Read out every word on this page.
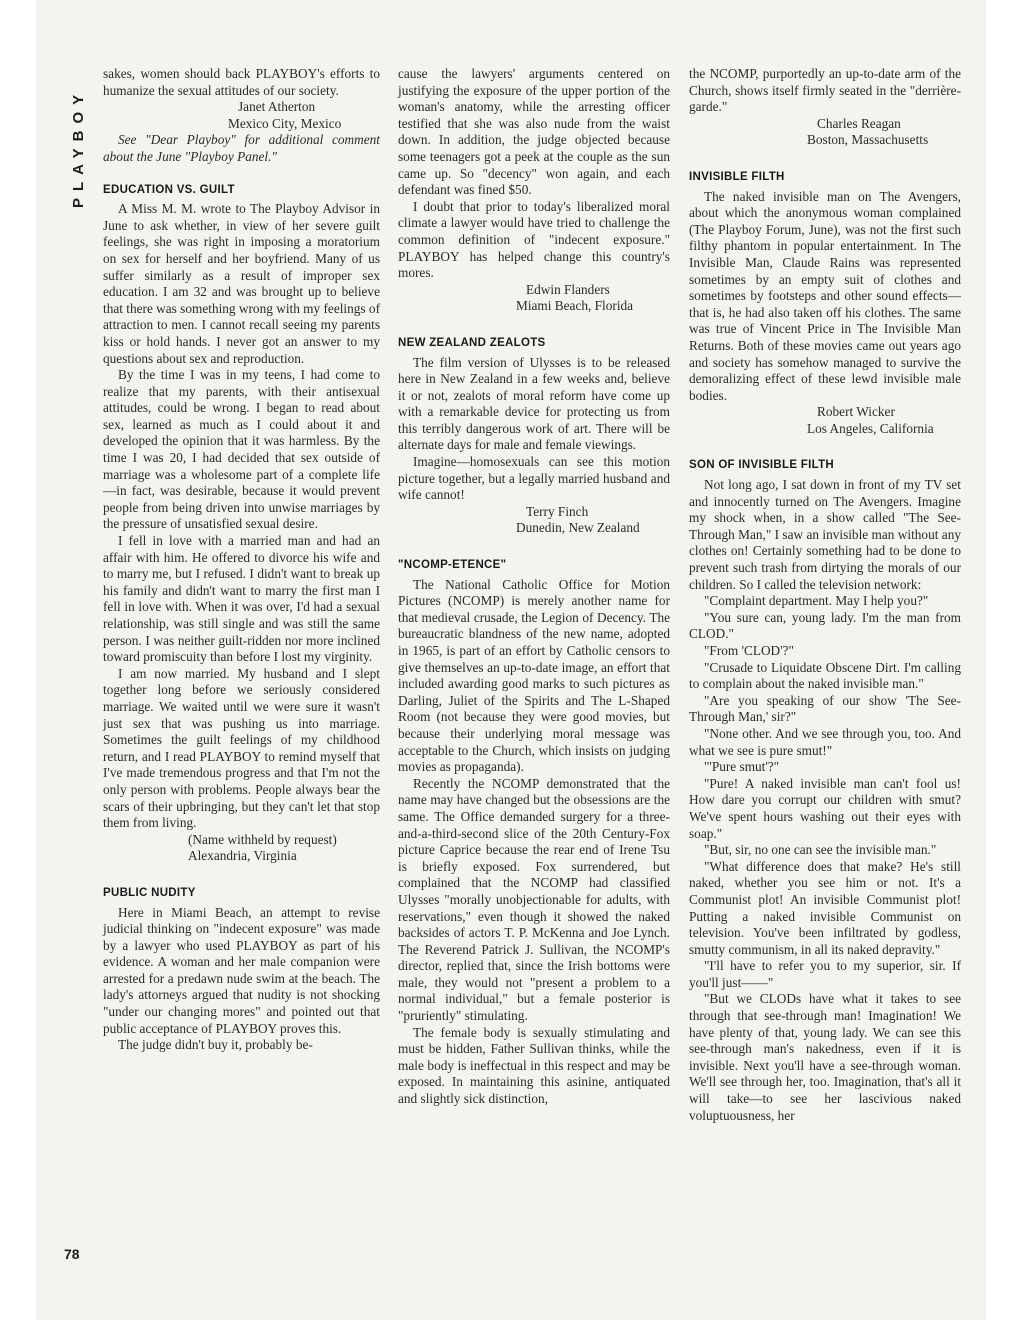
PLAYBOY
78

sakes, women should back PLAYBOY's efforts to humanize the sexual attitudes of our society.

Janet Atherton
Mexico City, Mexico

See "Dear Playboy" for additional comment about the June "Playboy Panel."

EDUCATION VS. GUILT

A Miss M. M. wrote to The Playboy Advisor in June to ask whether, in view of her severe guilt feelings, she was right in imposing a moratorium on sex for herself and her boyfriend. Many of us suffer similarly as a result of improper sex education. I am 32 and was brought up to believe that there was something wrong with my feelings of attraction to men. I cannot recall seeing my parents kiss or hold hands. I never got an answer to my questions about sex and reproduction.

By the time I was in my teens, I had come to realize that my parents, with their antisexual attitudes, could be wrong. I began to read about sex, learned as much as I could about it and developed the opinion that it was harmless. By the time I was 20, I had decided that sex outside of marriage was a wholesome part of a complete life—in fact, was desirable, because it would prevent people from being driven into unwise marriages by the pressure of unsatisfied sexual desire.

I fell in love with a married man and had an affair with him. He offered to divorce his wife and to marry me, but I refused. I didn't want to break up his family and didn't want to marry the first man I fell in love with. When it was over, I'd had a sexual relationship, was still single and was still the same person. I was neither guilt-ridden nor more inclined toward promiscuity than before I lost my virginity.

I am now married. My husband and I slept together long before we seriously considered marriage. We waited until we were sure it wasn't just sex that was pushing us into marriage. Sometimes the guilt feelings of my childhood return, and I read PLAYBOY to remind myself that I've made tremendous progress and that I'm not the only person with problems. People always bear the scars of their upbringing, but they can't let that stop them from living.

(Name withheld by request)
Alexandria, Virginia

PUBLIC NUDITY

Here in Miami Beach, an attempt to revise judicial thinking on "indecent exposure" was made by a lawyer who used PLAYBOY as part of his evidence. A woman and her male companion were arrested for a predawn nude swim at the beach. The lady's attorneys argued that nudity is not shocking "under our changing mores" and pointed out that public acceptance of PLAYBOY proves this.

The judge didn't buy it, probably be-

cause the lawyers' arguments centered on justifying the exposure of the upper portion of the woman's anatomy, while the arresting officer testified that she was also nude from the waist down. In addition, the judge objected because some teenagers got a peek at the couple as the sun came up. So "decency" won again, and each defendant was fined $50.

I doubt that prior to today's liberalized moral climate a lawyer would have tried to challenge the common definition of "indecent exposure." PLAYBOY has helped change this country's mores.

Edwin Flanders
Miami Beach, Florida

NEW ZEALAND ZEALOTS

The film version of Ulysses is to be released here in New Zealand in a few weeks and, believe it or not, zealots of moral reform have come up with a remarkable device for protecting us from this terribly dangerous work of art. There will be alternate days for male and female viewings.

Imagine—homosexuals can see this motion picture together, but a legally married husband and wife cannot!

Terry Finch
Dunedin, New Zealand

"NCOMP-ETENCE"

The National Catholic Office for Motion Pictures (NCOMP) is merely another name for that medieval crusade, the Legion of Decency. The bureaucratic blandness of the new name, adopted in 1965, is part of an effort by Catholic censors to give themselves an up-to-date image, an effort that included awarding good marks to such pictures as Darling, Juliet of the Spirits and The L-Shaped Room (not because they were good movies, but because their underlying moral message was acceptable to the Church, which insists on judging movies as propaganda).

Recently the NCOMP demonstrated that the name may have changed but the obsessions are the same. The Office demanded surgery for a three-and-a-third-second slice of the 20th Century-Fox picture Caprice because the rear end of Irene Tsu is briefly exposed. Fox surrendered, but complained that the NCOMP had classified Ulysses "morally unobjectionable for adults, with reservations," even though it showed the naked backsides of actors T. P. McKenna and Joe Lynch. The Reverend Patrick J. Sullivan, the NCOMP's director, replied that, since the Irish bottoms were male, they would not "present a problem to a normal individual," but a female posterior is "pruriently" stimulating.

The female body is sexually stimulating and must be hidden, Father Sullivan thinks, while the male body is ineffectual in this respect and may be exposed. In maintaining this asinine, antiquated and slightly sick distinction,

the NCOMP, purportedly an up-to-date arm of the Church, shows itself firmly seated in the "derrière-garde."

Charles Reagan
Boston, Massachusetts

INVISIBLE FILTH

The naked invisible man on The Avengers, about which the anonymous woman complained (The Playboy Forum, June), was not the first such filthy phantom in popular entertainment. In The Invisible Man, Claude Rains was represented sometimes by an empty suit of clothes and sometimes by footsteps and other sound effects—that is, he had also taken off his clothes. The same was true of Vincent Price in The Invisible Man Returns. Both of these movies came out years ago and society has somehow managed to survive the demoralizing effect of these lewd invisible male bodies.

Robert Wicker
Los Angeles, California

SON OF INVISIBLE FILTH

Not long ago, I sat down in front of my TV set and innocently turned on The Avengers. Imagine my shock when, in a show called "The See-Through Man," I saw an invisible man without any clothes on! Certainly something had to be done to prevent such trash from dirtying the morals of our children. So I called the television network:

"Complaint department. May I help you?"

"You sure can, young lady. I'm the man from CLOD."

"From 'CLOD'?"

"Crusade to Liquidate Obscene Dirt. I'm calling to complain about the naked invisible man."

"Are you speaking of our show 'The See-Through Man,' sir?"

"None other. And we see through you, too. And what we see is pure smut!"

"'Pure smut'?"

"Pure! A naked invisible man can't fool us! How dare you corrupt our children with smut? We've spent hours washing out their eyes with soap."

"But, sir, no one can see the invisible man."

"What difference does that make? He's still naked, whether you see him or not. It's a Communist plot! An invisible Communist plot! Putting a naked invisible Communist on television. You've been infiltrated by godless, smutty communism, in all its naked depravity."

"I'll have to refer you to my superior, sir. If you'll just——"

"But we CLODs have what it takes to see through that see-through man! Imagination! We have plenty of that, young lady. We can see this see-through man's nakedness, even if it is invisible. Next you'll have a see-through woman. We'll see through her, too. Imagination, that's all it will take—to see her lascivious naked voluptuousness, her
